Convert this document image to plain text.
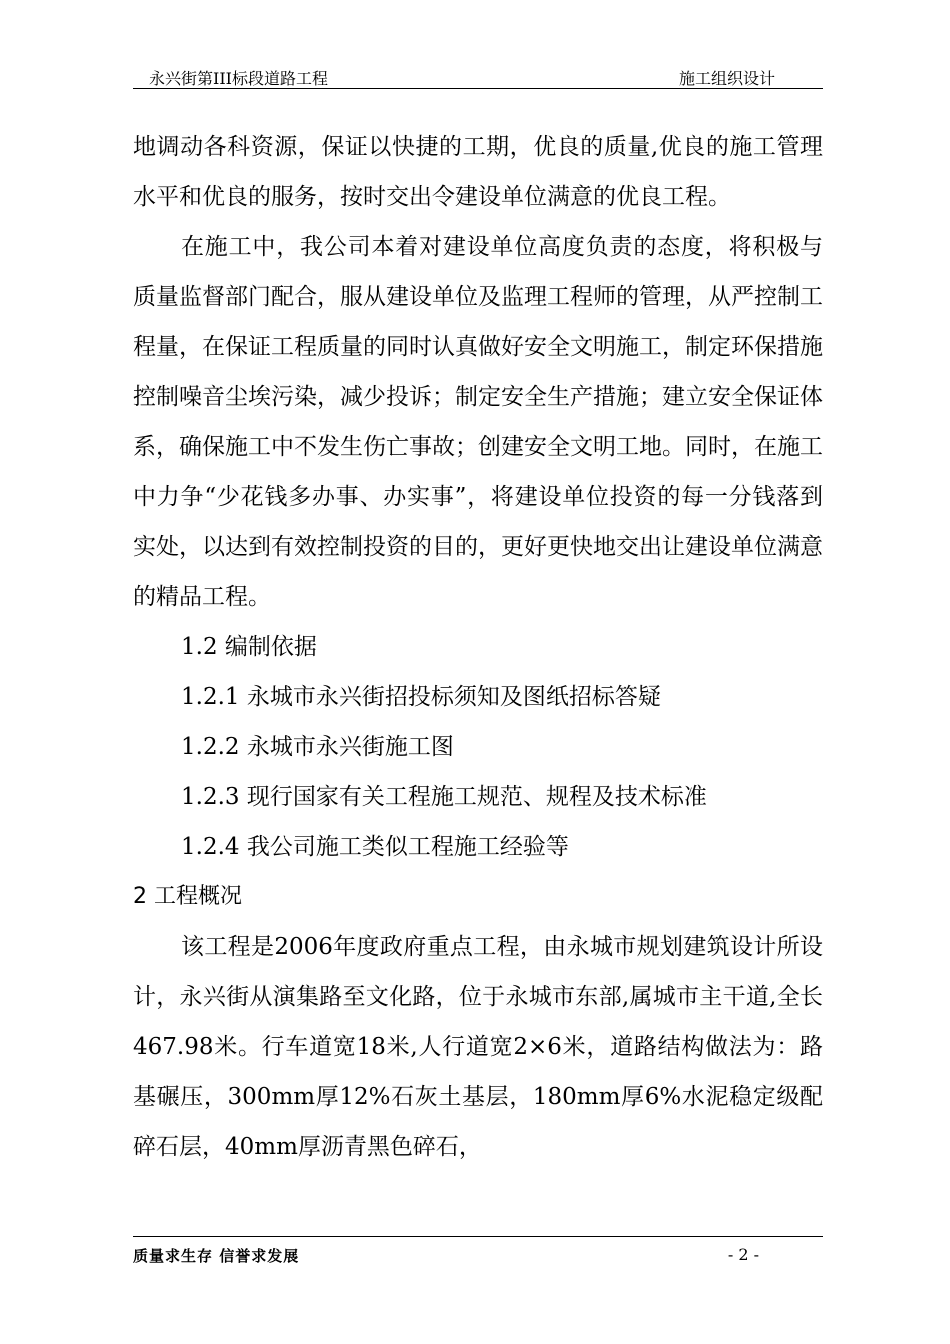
永兴街第III标段道路工程	施工组织设计

地调动各科资源，保证以快捷的工期，优良的质量,优良的施工管理水平和优良的服务，按时交出令建设单位满意的优良工程。

在施工中，我公司本着对建设单位高度负责的态度，将积极与质量监督部门配合，服从建设单位及监理工程师的管理，从严控制工程量，在保证工程质量的同时认真做好安全文明施工，制定环保措施控制噪音尘埃污染，减少投诉；制定安全生产措施；建立安全保证体系，确保施工中不发生伤亡事故；创建安全文明工地。同时，在施工中力争“少花钱多办事、办实事”，将建设单位投资的每一分钱落到实处，以达到有效控制投资的目的，更好更快地交出让建设单位满意的精品工程。

1.2 编制依据

1.2.1 永城市永兴街招投标须知及图纸招标答疑

1.2.2 永城市永兴街施工图

1.2.3 现行国家有关工程施工规范、规程及技术标准

1.2.4 我公司施工类似工程施工经验等

2 工程概况

该工程是2006年度政府重点工程，由永城市规划建筑设计所设计，永兴街从演集路至文化路，位于永城市东部,属城市主干道,全长467.98米。行车道宽18米,人行道宽2×6米，道路结构做法为：路基碾压，300mm厚12%石灰土基层，180mm厚6%水泥稳定级配碎石层，40mm厚沥青黑色碎石，

质量求生存 信誉求发展	- 2 -
